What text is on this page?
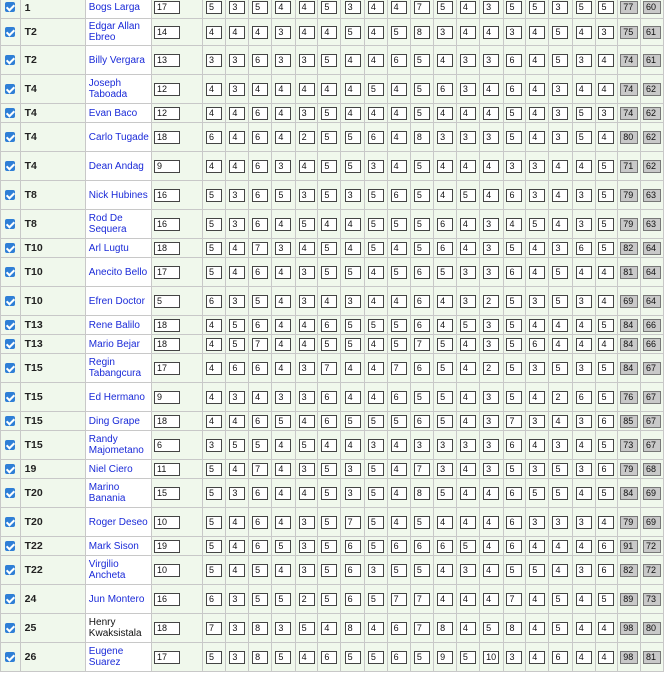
	1	Bogs Larga	17	5	3	5	4	4	5	3	4	4	7	5	4	3	5	5	3	5	5	77	60
	T2	Edgar Allan Ebreo	14	4	4	4	3	4	4	5	4	5	8	3	4	4	3	4	5	4	3	75	61
	T2	Billy Vergara	13	3	3	6	3	3	5	4	4	6	5	4	3	3	6	4	5	3	4	74	61
	T4	Joseph Taboada	12	4	3	4	4	4	4	4	5	4	5	6	3	4	6	4	3	4	4	74	62
	T4	Evan Baco	12	4	4	6	4	3	5	4	4	4	5	4	4	4	5	4	3	5	3	74	62
	T4	Carlo Tugade	18	6	4	6	4	2	5	5	6	4	8	3	3	3	5	4	3	5	4	80	62
	T4	Dean Andag	9	4	4	6	3	4	5	5	3	4	5	4	4	4	3	3	4	4	5	71	62
	T8	Nick Hubines	16	5	3	6	5	3	5	3	5	6	5	4	5	4	6	3	4	3	5	79	63
	T8	Rod De Sequera	16	5	3	6	4	5	4	4	5	5	5	6	4	3	4	5	4	3	5	79	63
	T10	Arl Lugtu	18	5	4	7	3	4	5	4	5	4	5	6	4	3	5	4	3	6	5	82	64
	T10	Anecito Bello	17	5	4	6	4	3	5	5	4	5	6	5	3	3	6	4	5	4	4	81	64
	T10	Efren Doctor	5	6	3	5	4	3	4	3	4	4	6	4	3	2	5	3	5	3	4	69	64
	T13	Rene Balilo	18	4	5	6	4	4	6	5	5	5	6	4	5	3	5	4	4	4	5	84	66
	T13	Mario Bejar	18	4	5	7	4	4	5	5	4	5	7	5	4	3	5	6	4	4	4	84	66
	T15	Regin Tabangcura	17	4	6	6	4	3	7	4	4	7	6	5	4	2	5	3	5	3	5	84	67
	T15	Ed Hermano	9	4	3	4	3	3	6	4	4	6	5	5	4	3	5	4	2	6	5	76	67
	T15	Ding Grape	18	4	4	6	5	4	6	5	5	5	6	5	4	3	7	3	4	3	6	85	67
	T15	Randy Majometano	6	3	5	5	4	5	4	4	3	4	3	3	3	3	6	4	3	4	5	73	67
	19	Niel Ciero	11	5	4	7	4	3	5	3	5	4	7	3	4	3	5	3	5	3	6	79	68
	T20	Marino Banania	15	5	3	6	4	4	5	3	5	4	8	5	4	4	6	5	5	4	5	84	69
	T20	Roger Deseo	10	5	4	6	4	3	5	7	5	4	5	4	4	4	6	3	3	3	4	79	69
	T22	Mark Sison	19	5	4	6	5	3	5	6	5	6	6	6	5	4	6	4	4	4	6	91	72
	T22	Virgilio Ancheta	10	5	4	5	4	3	5	6	3	5	5	4	3	4	5	5	4	3	6	82	72
	24	Jun Montero	16	6	3	5	5	2	5	6	5	7	7	4	4	4	7	4	5	4	5	89	73
	25	Henry Kwaksistala	18	7	3	8	3	5	4	8	4	6	7	8	4	5	8	4	5	4	4	98	80
	26	Eugene Suarez	17	5	3	8	5	4	6	5	5	6	5	9	5	10	3	4	6	4	4	98	81
